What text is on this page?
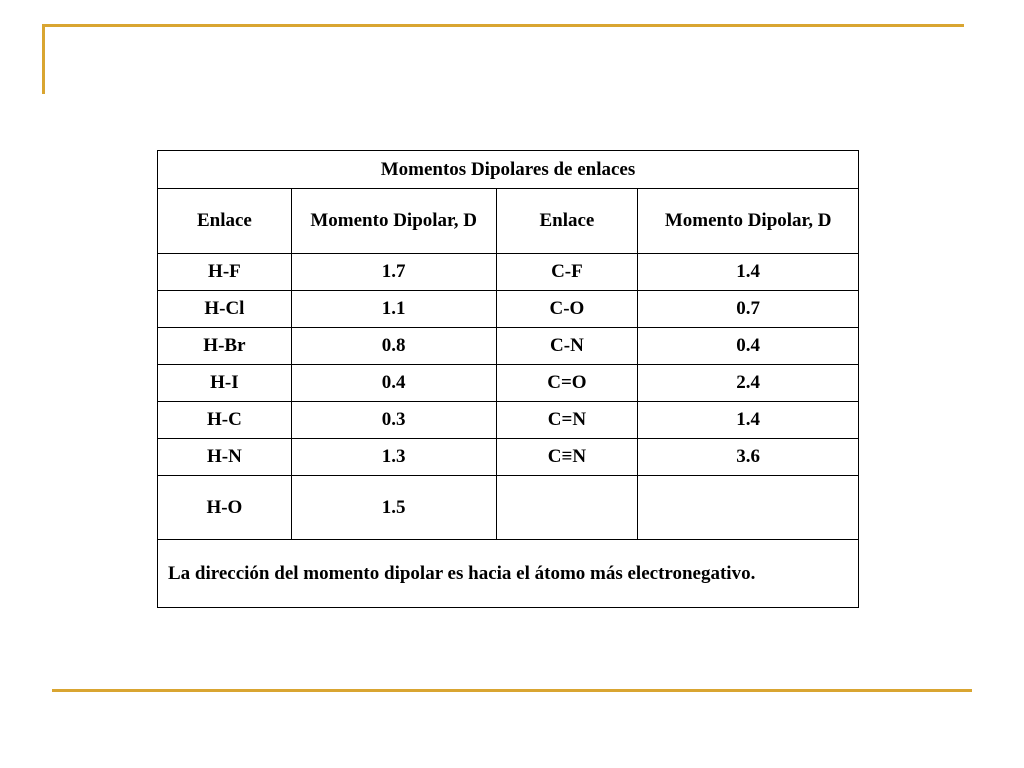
Momentos Dipolares de enlaces			
Enlace	Momento Dipolar, D	Enlace	Momento Dipolar, D
H-F	1.7	C-F	1.4
H-Cl	1.1	C-O	0.7
H-Br	0.8	C-N	0.4
H-I	0.4	C=O	2.4
H-C	0.3	C=N	1.4
H-N	1.3	C≡N	3.6
H-O	1.5		
La dirección del momento dipolar es hacia el átomo más electronegativo.			
